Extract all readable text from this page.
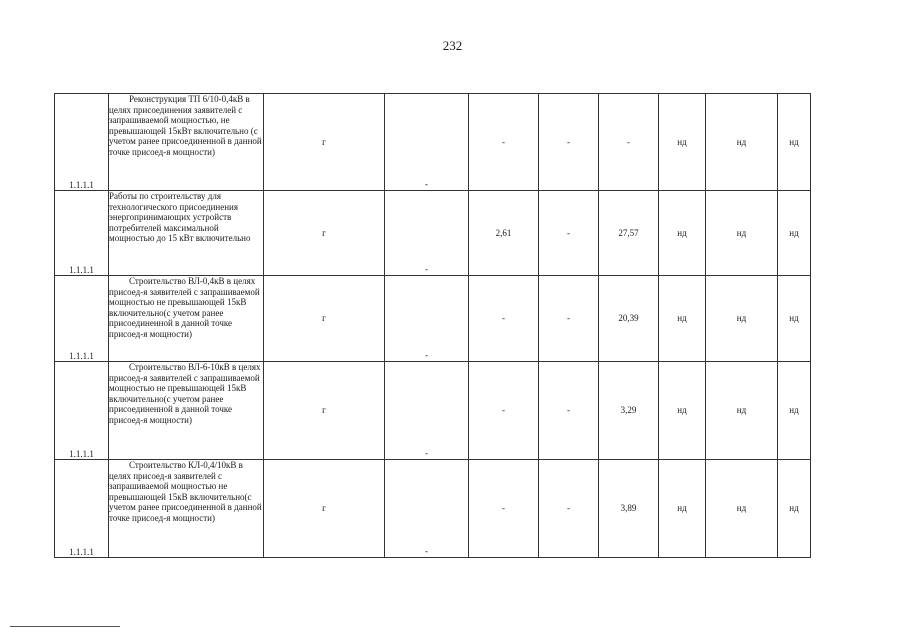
232
1.1.1.1	Реконструкция ТП 6/10-0,4кВ в целях присоединения заявителей с запрашиваемой мощностью, не превышающей 15кВт включительно (с учетом ранее присоединенной в данной точке присоед-я мощности)	г	-	-	-	-	нд	нд	нд
1.1.1.1	Работы по строительству для технологического присоединения энергопринимающих устройств потребителей максимальной мощностью до 15 кВт включительно	г	-	2,61	-	27,57	нд	нд	нд
1.1.1.1	Строительство ВЛ-0,4кВ в целях присоед-я заявителей с запрашиваемой мощностью не превышающей 15кВ включительно(с учетом ранее присоединенной в данной точке присоед-я мощности)	г	-	-	-	20,39	нд	нд	нд
1.1.1.1	Строительство ВЛ-6-10кВ в целях присоед-я заявителей с запрашиваемой мощностью не превышающей 15кВ включительно(с учетом ранее присоединенной в данной точке присоед-я мощности)	г	-	-	-	3,29	нд	нд	нд
1.1.1.1	Строительство КЛ-0,4/10кВ в целях присоед-я заявителей с запрашиваемой мощностью не превышающей 15кВ включительно(с учетом ранее присоединенной в данной точке присоед-я мощности)	г	-	-	-	3,89	нд	нд	нд
